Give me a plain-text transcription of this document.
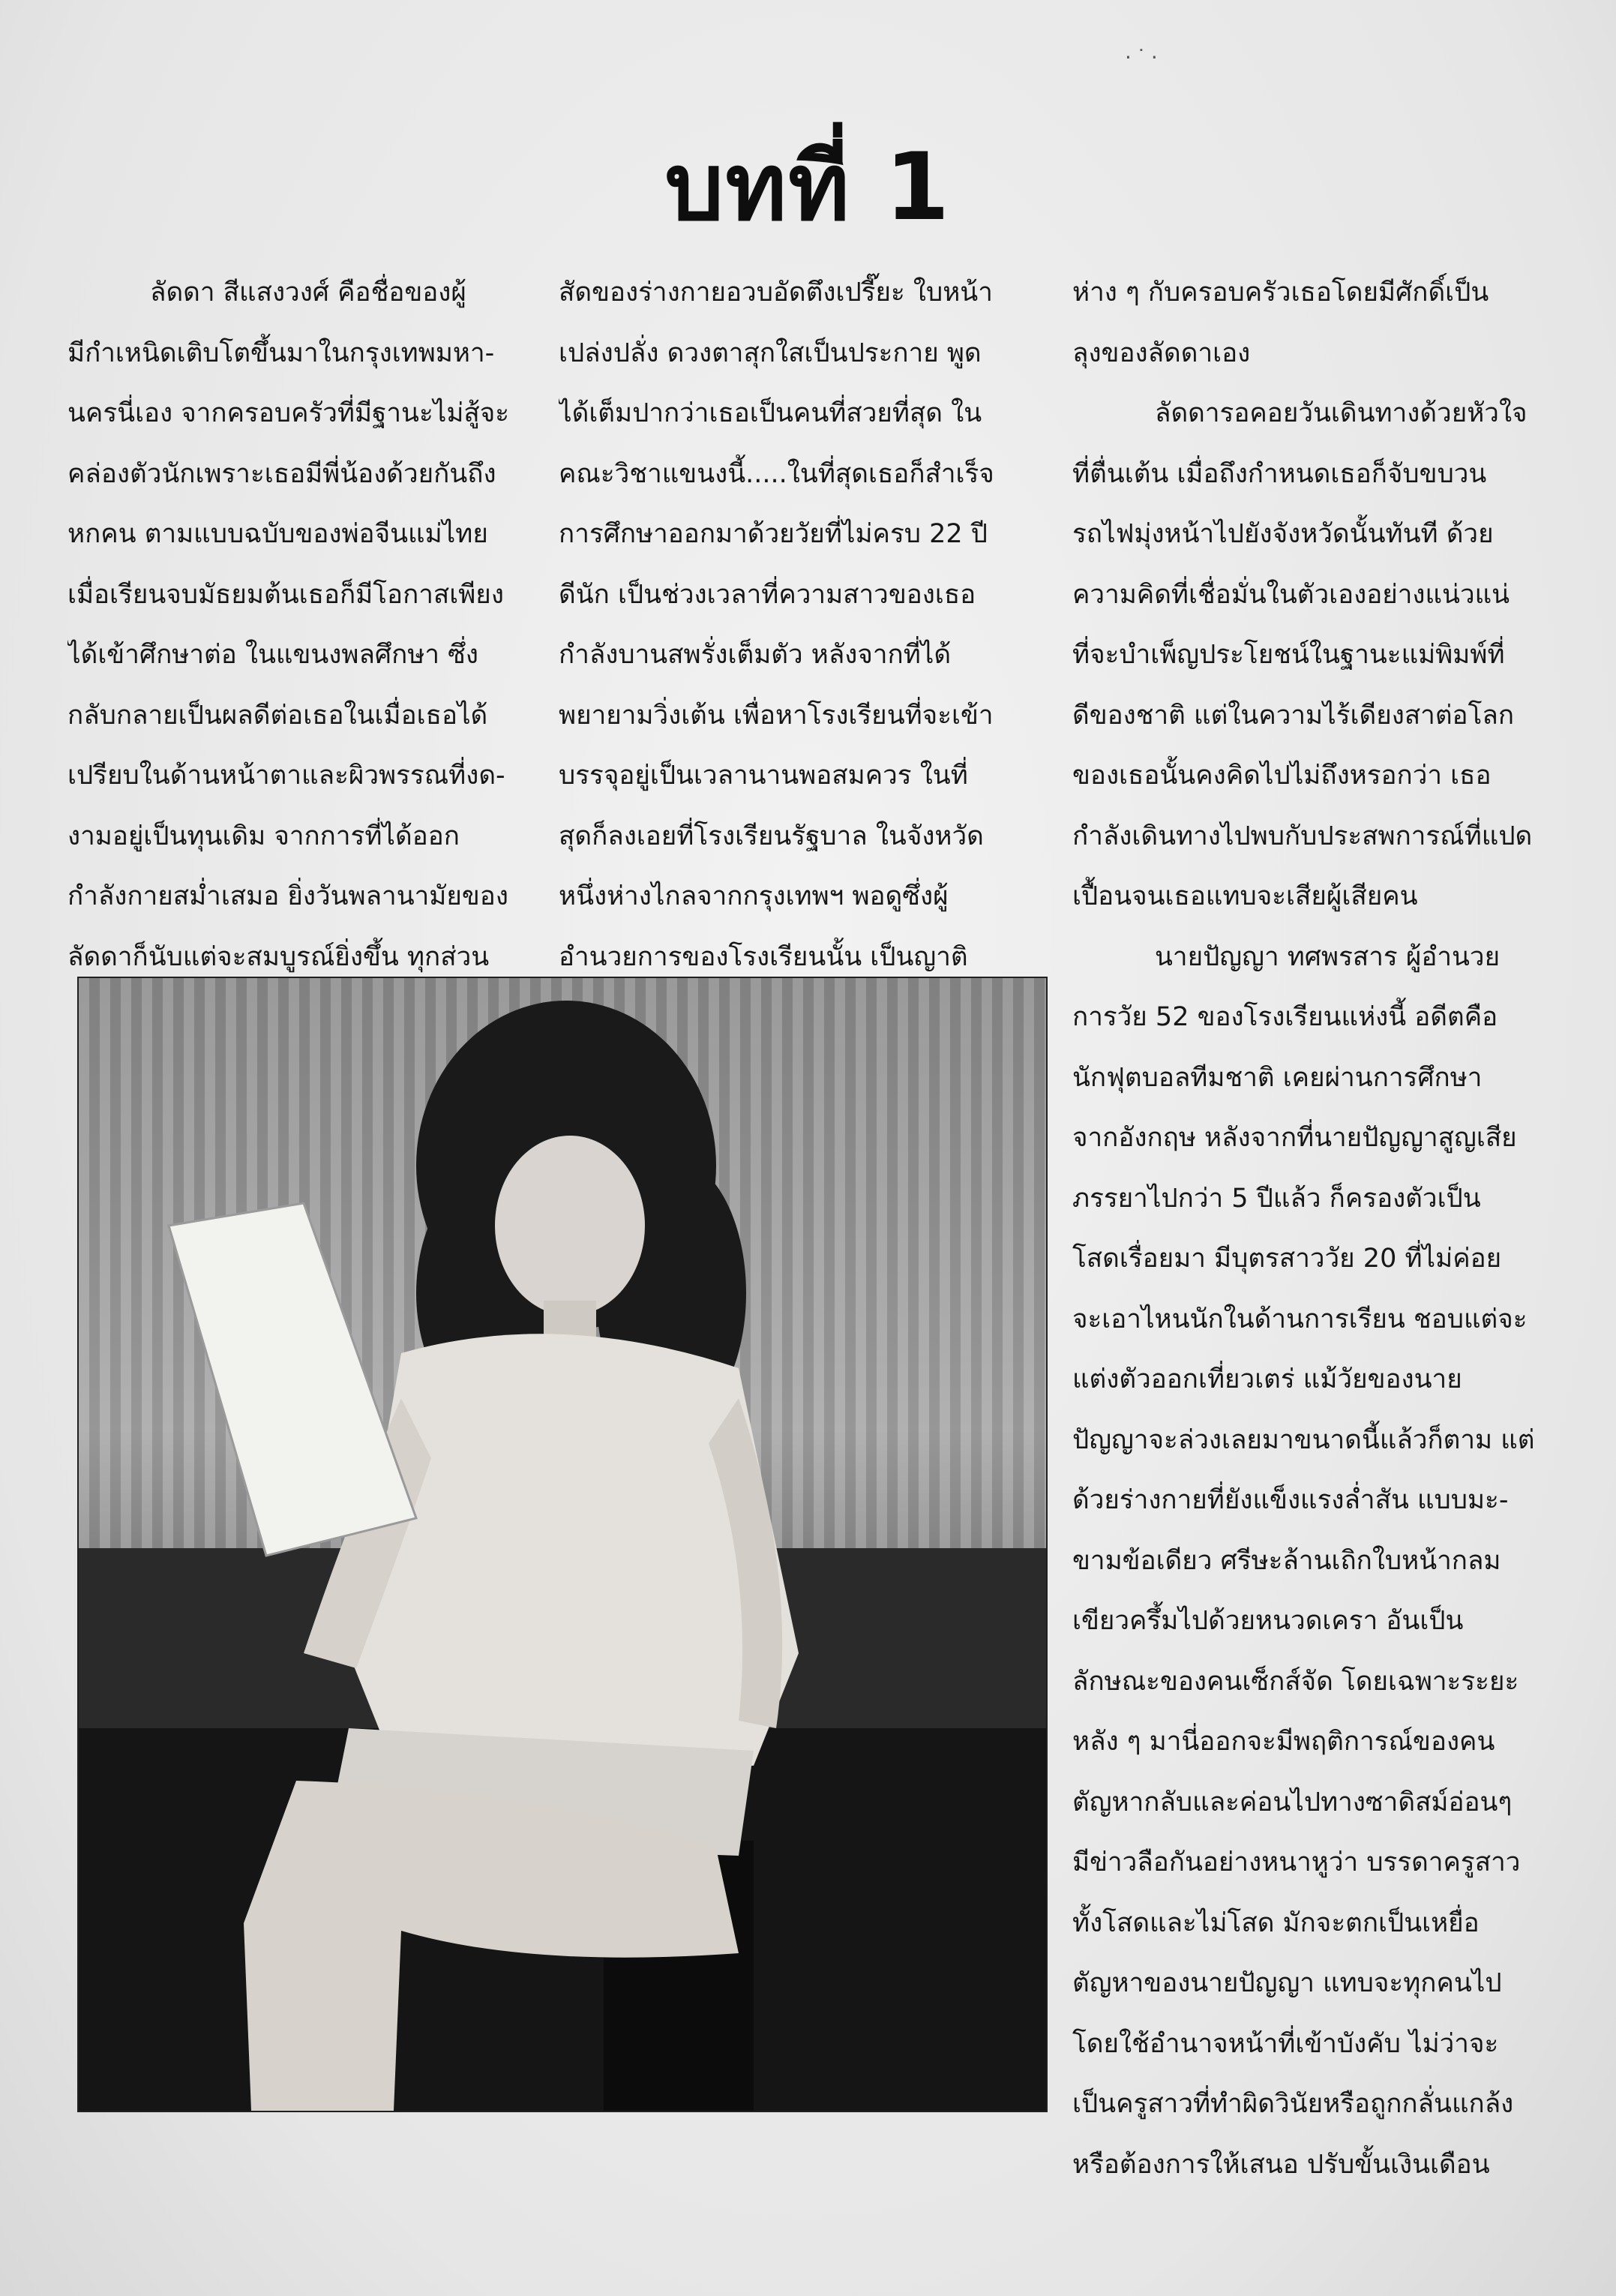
·˙·
บทที่ 1
ลัดดา สีแสงวงศ์ คือชื่อของผู้
มีกำเหนิดเติบโตขึ้นมาในกรุงเทพมหา-
นครนี่เอง จากครอบครัวที่มีฐานะไม่สู้จะ
คล่องตัวนักเพราะเธอมีพี่น้องด้วยกันถึง
หกคน ตามแบบฉบับของพ่อจีนแม่ไทย
เมื่อเรียนจบมัธยมต้นเธอก็มีโอกาสเพียง
ได้เข้าศึกษาต่อ ในแขนงพลศึกษา ซึ่ง
กลับกลายเป็นผลดีต่อเธอในเมื่อเธอได้
เปรียบในด้านหน้าตาและผิวพรรณที่งด-
งามอยู่เป็นทุนเดิม จากการที่ได้ออก
กำลังกายสม่ำเสมอ ยิ่งวันพลานามัยของ
ลัดดาก็นับแต่จะสมบูรณ์ยิ่งขึ้น ทุกส่วน
สัดของร่างกายอวบอัดตึงเปรี๊ยะ ใบหน้า
เปล่งปลั่ง ดวงตาสุกใสเป็นประกาย พูด
ได้เต็มปากว่าเธอเป็นคนที่สวยที่สุด ใน
คณะวิชาแขนงนี้.....ในที่สุดเธอก็สำเร็จ
การศึกษาออกมาด้วยวัยที่ไม่ครบ 22 ปี
ดีนัก เป็นช่วงเวลาที่ความสาวของเธอ
กำลังบานสพรั่งเต็มตัว หลังจากที่ได้
พยายามวิ่งเต้น เพื่อหาโรงเรียนที่จะเข้า
บรรจุอยู่เป็นเวลานานพอสมควร ในที่
สุดก็ลงเอยที่โรงเรียนรัฐบาล ในจังหวัด
หนึ่งห่างไกลจากกรุงเทพฯ พอดูซึ่งผู้
อำนวยการของโรงเรียนนั้น เป็นญาติ
ห่าง ๆ กับครอบครัวเธอโดยมีศักดิ์เป็น
ลุงของลัดดาเอง
ลัดดารอคอยวันเดินทางด้วยหัวใจ
ที่ตื่นเต้น เมื่อถึงกำหนดเธอก็จับขบวน
รถไฟมุ่งหน้าไปยังจังหวัดนั้นทันที ด้วย
ความคิดที่เชื่อมั่นในตัวเองอย่างแน่วแน่
ที่จะบำเพ็ญประโยชน์ในฐานะแม่พิมพ์ที่
ดีของชาติ แต่ในความไร้เดียงสาต่อโลก
ของเธอนั้นคงคิดไปไม่ถึงหรอกว่า เธอ
กำลังเดินทางไปพบกับประสพการณ์ที่แปด
เปื้อนจนเธอแทบจะเสียผู้เสียคน
นายปัญญา ทศพรสาร ผู้อำนวย
การวัย 52 ของโรงเรียนแห่งนี้ อดีตคือ
นักฟุตบอลทีมชาติ เคยผ่านการศึกษา
จากอังกฤษ หลังจากที่นายปัญญาสูญเสีย
ภรรยาไปกว่า 5 ปีแล้ว ก็ครองตัวเป็น
โสดเรื่อยมา มีบุตรสาววัย 20 ที่ไม่ค่อย
จะเอาไหนนักในด้านการเรียน ชอบแต่จะ
แต่งตัวออกเที่ยวเตร่ แม้วัยของนาย
ปัญญาจะล่วงเลยมาขนาดนี้แล้วก็ตาม แต่
ด้วยร่างกายที่ยังแข็งแรงล่ำสัน แบบมะ-
ขามข้อเดียว ศรีษะล้านเถิกใบหน้ากลม
เขียวครึ้มไปด้วยหนวดเครา อันเป็น
ลักษณะของคนเซ็กส์จัด โดยเฉพาะระยะ
หลัง ๆ มานี่ออกจะมีพฤติการณ์ของคน
ตัญหากลับและค่อนไปทางซาดิสม์อ่อนๆ
มีข่าวลือกันอย่างหนาหูว่า บรรดาครูสาว
ทั้งโสดและไม่โสด มักจะตกเป็นเหยื่อ
ตัญหาของนายปัญญา แทบจะทุกคนไป
โดยใช้อำนาจหน้าที่เข้าบังคับ ไม่ว่าจะ
เป็นครูสาวที่ทำผิดวินัยหรือถูกกลั่นแกล้ง
หรือต้องการให้เสนอ ปรับขั้นเงินเดือน
